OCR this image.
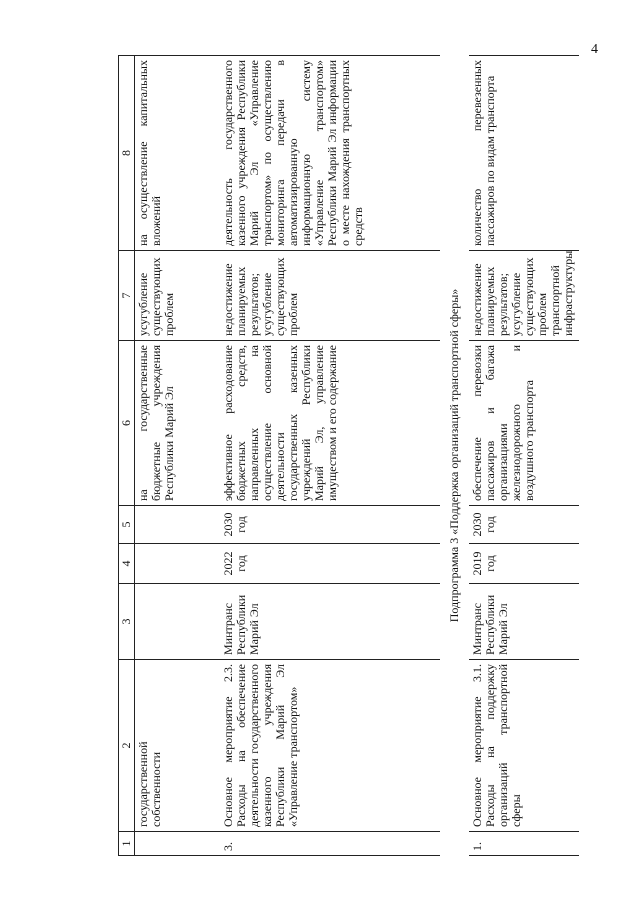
4
1	2	3	4	5	6	7	8
	государственной собственности				на государственные бюджетные учреждения Республики Марий Эл	усугубление существующих проблем	на осуществление капитальных вложений
3.	Основное мероприятие 2.3. Расходы на обеспечение деятельности государственного казенного учреждения Республики Марий Эл «Управление транспортом»	Минтранс Республики Марий Эл	2022 год	2030 год	эффективное расходование бюджетных средств, направленных на осуществление основной деятельности государственных казенных учреждений Республики Марий Эл, управление имуществом и его содержание	недостижение планируемых результатов; усугубление существующих проблем	деятельность государственного казенного учреждения Республики Марий Эл «Управление транспортом» по осуществлению мониторинга передачи в автоматизированную информационную систему «Управление транспортом» Республики Марий Эл информации о месте нахождения транспортных средств
Подпрограмма 3 «Поддержка организаций транспортной сферы»							
1.	Основное мероприятие 3.1. Расходы на поддержку организаций транспортной сферы	Минтранс Республики Марий Эл	2019 год	2030 год	обеспечение перевозки пассажиров и багажа организациями железнодорожного и воздушного транспорта	недостижение планируемых результатов; усугубление существующих проблем транспортной инфраструктуры	количество перевезенных пассажиров по видам транспорта
